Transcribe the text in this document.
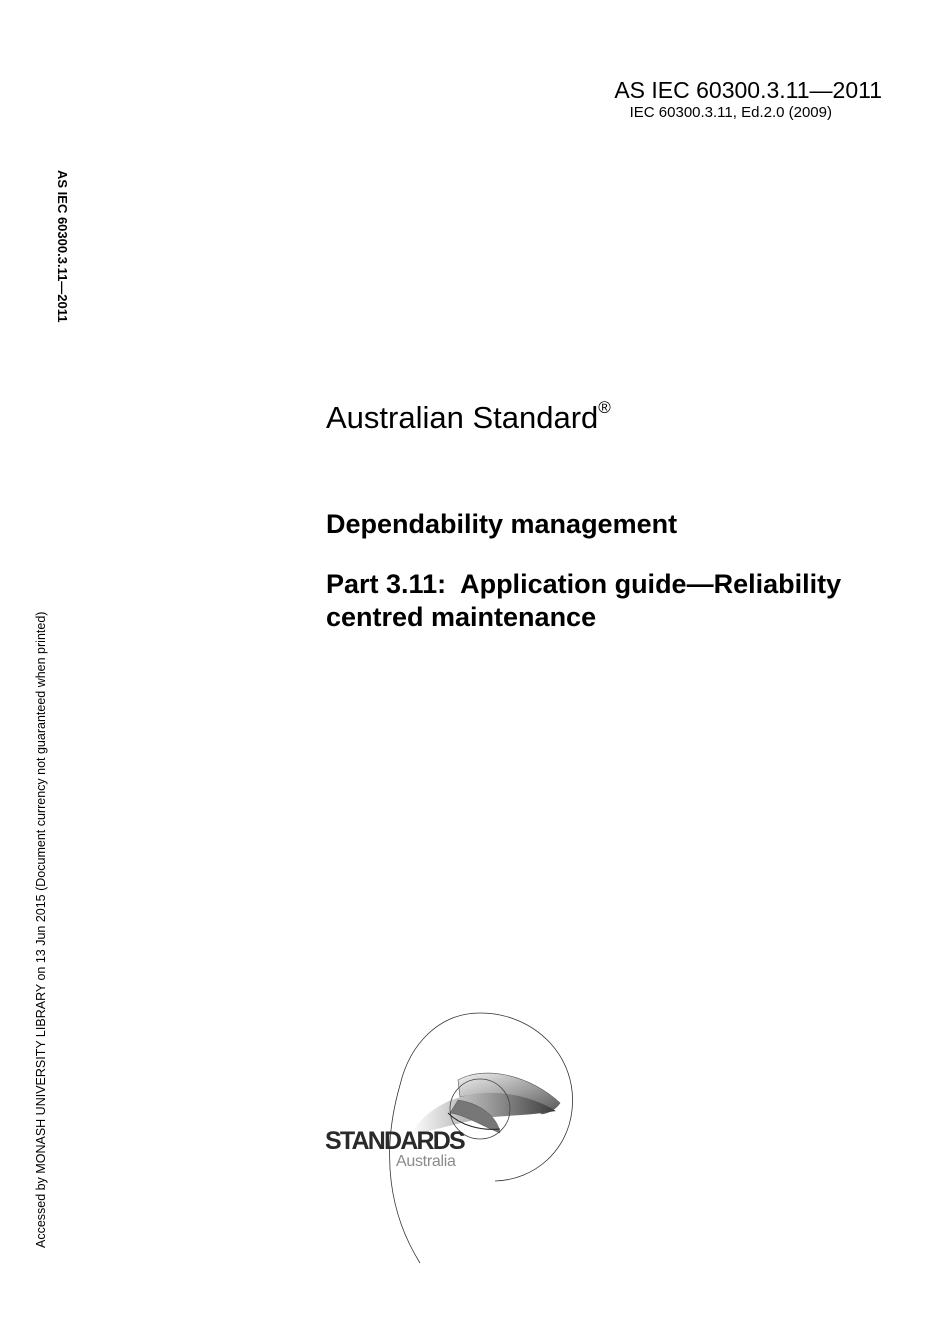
AS IEC 60300.3.11—2011
IEC 60300.3.11, Ed.2.0 (2009)
AS IEC 60300.3.11—2011
Accessed by MONASH UNIVERSITY LIBRARY on 13 Jun 2015 (Document currency not guaranteed when printed)
Australian Standard®
Dependability management
Part 3.11:  Application guide—Reliability centred maintenance
STANDARDS
Australia
